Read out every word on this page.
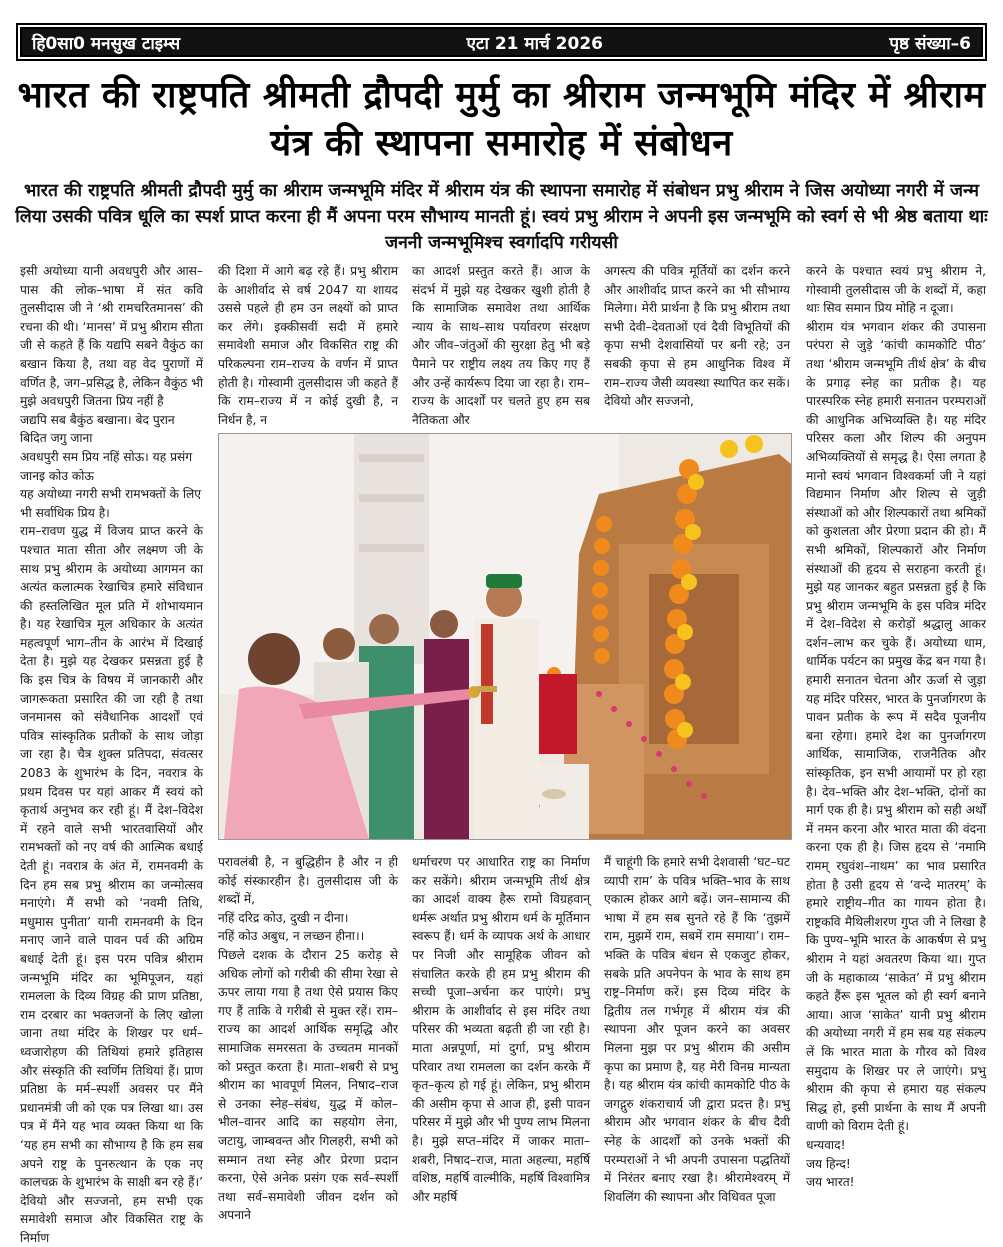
हि0सा0 मनसुख टाइम्स	एटा 21 मार्च 2026	पृष्ठ संख्या–6
भारत की राष्ट्रपति श्रीमती द्रौपदी मुर्मु का श्रीराम जन्मभूमि मंदिर में श्रीराम यंत्र की स्थापना समारोह में संबोधन
भारत की राष्ट्रपति श्रीमती द्रौपदी मुर्मु का श्रीराम जन्मभूमि मंदिर में श्रीराम यंत्र की स्थापना समारोह में संबोधन प्रभु श्रीराम ने जिस अयोध्या नगरी में जन्म लिया उसकी पवित्र धूलि का स्पर्श प्राप्त करना ही मैं अपना परम सौभाग्य मानती हूं। स्वयं प्रभु श्रीराम ने अपनी इस जन्मभूमि को स्वर्ग से भी श्रेष्ठ बताया थाः जननी जन्मभूमिश्च स्वर्गादपि गरीयसी

इसी अयोध्या यानी अवधपुरी और आस–पास की लोक–भाषा में संत कवि तुलसीदास जी ने ‘श्री रामचरितमानस’ की रचना की थी। ‘मानस’ में प्रभु श्रीराम सीता जी से कहते हैं कि यद्यपि सबने वैकुंठ का बखान किया है, तथा वह वेद पुराणों में वर्णित है, जग–प्रसिद्ध है, लेकिन वैकुंठ भी मुझे अवधपुरी जितना प्रिय नहीं है

जद्यपि सब बैकुंठ बखाना। बेद पुरान बिदित जगु जाना

अवधपुरी सम प्रिय नहिं सोऊ। यह प्रसंग जानइ कोउ कोऊ

यह अयोध्या नगरी सभी रामभक्तों के लिए भी सर्वाधिक प्रिय है।

राम–रावण युद्ध में विजय प्राप्त करने के पश्चात माता सीता और लक्ष्मण जी के साथ प्रभु श्रीराम के अयोध्या आगमन का अत्यंत कलात्मक रेखाचित्र हमारे संविधान की हस्तलिखित मूल प्रति में शोभायमान है। यह रेखाचित्र मूल अधिकार के अत्यंत महत्वपूर्ण भाग–तीन के आरंभ में दिखाई देता है। मुझे यह देखकर प्रसन्नता हुई है कि इस चित्र के विषय में जानकारी और जागरूकता प्रसारित की जा रही है तथा जनमानस को संवैधानिक आदर्शों एवं पवित्र सांस्कृतिक प्रतीकों के साथ जोड़ा जा रहा है। चैत्र शुक्ल प्रतिपदा, संवत्सर 2083 के शुभारंभ के दिन, नवरात्र के प्रथम दिवस पर यहां आकर मैं स्वयं को कृतार्थ अनुभव कर रही हूं। मैं देश–विदेश में रहने वाले सभी भारतवासियों और रामभक्तों को नए वर्ष की आत्मिक बधाई देती हूं। नवरात्र के अंत में, रामनवमी के दिन हम सब प्रभु श्रीराम का जन्मोत्सव मनाएंगे। मैं सभी को ‘नवमी तिथि, मधुमास पुनीता’ यानी रामनवमी के दिन मनाए जाने वाले पावन पर्व की अग्रिम बधाई देती हूं। इस परम पवित्र श्रीराम जन्मभूमि मंदिर का भूमिपूजन, यहां रामलला के दिव्य विग्रह की प्राण प्रतिष्ठा, राम दरबार का भक्तजनों के लिए खोला जाना तथा मंदिर के शिखर पर धर्म–ध्वजारोहण की तिथियां हमारे इतिहास और संस्कृति की स्वर्णिम तिथियां हैं। प्राण प्रतिष्ठा के मर्म–स्पर्शी अवसर पर मैंने प्रधानमंत्री जी को एक पत्र लिखा था। उस पत्र में मैंने यह भाव व्यक्त किया था कि ‘यह हम सभी का सौभाग्य है कि हम सब अपने राष्ट्र के पुनरुत्थान के एक नए कालचक्र के शुभारंभ के साक्षी बन रहे हैं।’ देवियो और सज्जनो, हम सभी एक समावेशी समाज और विकसित राष्ट्र के निर्माण

की दिशा में आगे बढ़ रहे हैं। प्रभु श्रीराम के आशीर्वाद से वर्ष 2047 या शायद उससे पहले ही हम उन लक्ष्यों को प्राप्त कर लेंगे। इक्कीसवीं सदी में हमारे समावेशी समाज और विकसित राष्ट्र की परिकल्पना राम–राज्य के वर्णन में प्राप्त होती है। गोस्वामी तुलसीदास जी कहते हैं कि राम–राज्य में न कोई दुखी है, न निर्धन है, न

का आदर्श प्रस्तुत करते हैं। आज के संदर्भ में मुझे यह देखकर खुशी होती है कि सामाजिक समावेश तथा आर्थिक न्याय के साथ–साथ पर्यावरण संरक्षण और जीव–जंतुओं की सुरक्षा हेतु भी बड़े पैमाने पर राष्ट्रीय लक्ष्य तय किए गए हैं और उन्हें कार्यरूप दिया जा रहा है। राम–राज्य के आदर्शों पर चलते हुए हम सब नैतिकता और

अगस्त्य की पवित्र मूर्तियों का दर्शन करने और आशीर्वाद प्राप्त करने का भी सौभाग्य मिलेगा। मेरी प्रार्थना है कि प्रभु श्रीराम तथा सभी देवी–देवताओं एवं दैवी विभूतियों की कृपा सभी देशवासियों पर बनी रहे; उन सबकी कृपा से हम आधुनिक विश्व में राम–राज्य जैसी व्यवस्था स्थापित कर सकें।

देवियो और सज्जनो,

परावलंबी है, न बुद्धिहीन है और न ही कोई संस्कारहीन है। तुलसीदास जी के शब्दों में,

नहिं दरिद्र कोउ, दुखी न दीना।

नहिं कोउ अबुध, न लच्छन हीना।।

पिछले दशक के दौरान 25 करोड़ से अधिक लोगों को गरीबी की सीमा रेखा से ऊपर लाया गया है तथा ऐसे प्रयास किए गए हैं ताकि वे गरीबी से मुक्त रहें। राम–राज्य का आदर्श आर्थिक समृद्धि और सामाजिक समरसता के उच्चतम मानकों को प्रस्तुत करता है। माता–शबरी से प्रभु श्रीराम का भावपूर्ण मिलन, निषाद–राज से उनका स्नेह–संबंध, युद्ध में कोल–भील–वानर आदि का सहयोग लेना, जटायु, जाम्बवन्त और गिलहरी, सभी को सम्मान तथा स्नेह और प्रेरणा प्रदान करना, ऐसे अनेक प्रसंग एक सर्व–स्पर्शी तथा सर्व–समावेशी जीवन दर्शन को अपनाने

धर्माचरण पर आधारित राष्ट्र का निर्माण कर सकेंगे। श्रीराम जन्मभूमि तीर्थ क्षेत्र का आदर्श वाक्य हैरू रामो विग्रहवान् धर्मरू अर्थात प्रभु श्रीराम धर्म के मूर्तिमान स्वरूप हैं। धर्म के व्यापक अर्थ के आधार पर निजी और सामूहिक जीवन को संचालित करके ही हम प्रभु श्रीराम की सच्ची पूजा–अर्चना कर पाएंगे। प्रभु श्रीराम के आशीर्वाद से इस मंदिर तथा परिसर की भव्यता बढ़ती ही जा रही है। माता अन्नपूर्णा, मां दुर्गा, प्रभु श्रीराम परिवार तथा रामलला का दर्शन करके मैं कृत–कृत्य हो गई हूं। लेकिन, प्रभु श्रीराम की असीम कृपा से आज ही, इसी पावन परिसर में मुझे और भी पुण्य लाभ मिलना है। मुझे सप्त–मंदिर में जाकर माता–शबरी, निषाद–राज, माता अहल्या, महर्षि वशिष्ठ, महर्षि वाल्मीकि, महर्षि विश्वामित्र और महर्षि

मैं चाहूंगी कि हमारे सभी देशवासी ‘घट–घट व्यापी राम’ के पवित्र भक्ति–भाव के साथ एकात्म होकर आगे बढ़ें। जन–सामान्य की भाषा में हम सब सुनते रहे हैं कि ‘तुझमें राम, मुझमें राम, सबमें राम समाया’। राम–भक्ति के पवित्र बंधन से एकजुट होकर, सबके प्रति अपनेपन के भाव के साथ हम राष्ट्र–निर्माण करें। इस दिव्य मंदिर के द्वितीय तल गर्भगृह में श्रीराम यंत्र की स्थापना और पूजन करने का अवसर मिलना मुझ पर प्रभु श्रीराम की असीम कृपा का प्रमाण है, यह मेरी विनम्र मान्यता है। यह श्रीराम यंत्र कांची कामकोटि पीठ के जगद्गुरु शंकराचार्य जी द्वारा प्रदत्त है। प्रभु श्रीराम और भगवान शंकर के बीच दैवी स्नेह के आदर्शों को उनके भक्तों की परम्पराओं ने भी अपनी उपासना पद्धतियों में निरंतर बनाए रखा है। श्रीरामेश्वरम् में शिवलिंग की स्थापना और विधिवत पूजा

करने के पश्चात स्वयं प्रभु श्रीराम ने, गोस्वामी तुलसीदास जी के शब्दों में, कहा थाः सिव समान प्रिय मोहि न दूजा।

श्रीराम यंत्र भगवान शंकर की उपासना परंपरा से जुड़े ‘कांची कामकोटि पीठ’ तथा ‘श्रीराम जन्मभूमि तीर्थ क्षेत्र’ के बीच के प्रगाढ़ स्नेह का प्रतीक है। यह पारस्परिक स्नेह हमारी सनातन परम्पराओं की आधुनिक अभिव्यक्ति है। यह मंदिर परिसर कला और शिल्प की अनुपम अभिव्यक्तियों से समृद्ध है। ऐसा लगता है मानो स्वयं भगवान विश्वकर्मा जी ने यहां विद्यमान निर्माण और शिल्प से जुड़ी संस्थाओं को और शिल्पकारों तथा श्रमिकों को कुशलता और प्रेरणा प्रदान की हो। मैं सभी श्रमिकों, शिल्पकारों और निर्माण संस्थाओं की हृदय से सराहना करती हूं। मुझे यह जानकर बहुत प्रसन्नता हुई है कि प्रभु श्रीराम जन्मभूमि के इस पवित्र मंदिर में देश–विदेश से करोड़ों श्रद्धालु आकर दर्शन–लाभ कर चुके हैं। अयोध्या धाम, धार्मिक पर्यटन का प्रमुख केंद्र बन गया है। हमारी सनातन चेतना और ऊर्जा से जुड़ा यह मंदिर परिसर, भारत के पुनर्जागरण के पावन प्रतीक के रूप में सदैव पूजनीय बना रहेगा। हमारे देश का पुनर्जागरण आर्थिक, सामाजिक, राजनैतिक और सांस्कृतिक, इन सभी आयामों पर हो रहा है। देव–भक्ति और देश–भक्ति, दोनों का मार्ग एक ही है। प्रभु श्रीराम को सही अर्थों में नमन करना और भारत माता की वंदना करना एक ही है। जिस हृदय से ‘नमामि रामम् रघुवंश–नाथम’ का भाव प्रसारित होता है उसी हृदय से ‘वन्दे मातरम्’ के हमारे राष्ट्रीय–गीत का गायन होता है। राष्ट्रकवि मैथिलीशरण गुप्त जी ने लिखा है कि पुण्य–भूमि भारत के आकर्षण से प्रभु श्रीराम ने यहां अवतरण किया था। गुप्त जी के महाकाव्य ‘साकेत’ में प्रभु श्रीराम कहते हैंरू इस भूतल को ही स्वर्ग बनाने आया। आज ‘साकेत’ यानी प्रभु श्रीराम की अयोध्या नगरी में हम सब यह संकल्प लें कि भारत माता के गौरव को विश्व समुदाय के शिखर पर ले जाएंगे। प्रभु श्रीराम की कृपा से हमारा यह संकल्प सिद्ध हो, इसी प्रार्थना के साथ मैं अपनी वाणी को विराम देती हूं।

धन्यवाद!

जय हिन्द!

जय भारत!
